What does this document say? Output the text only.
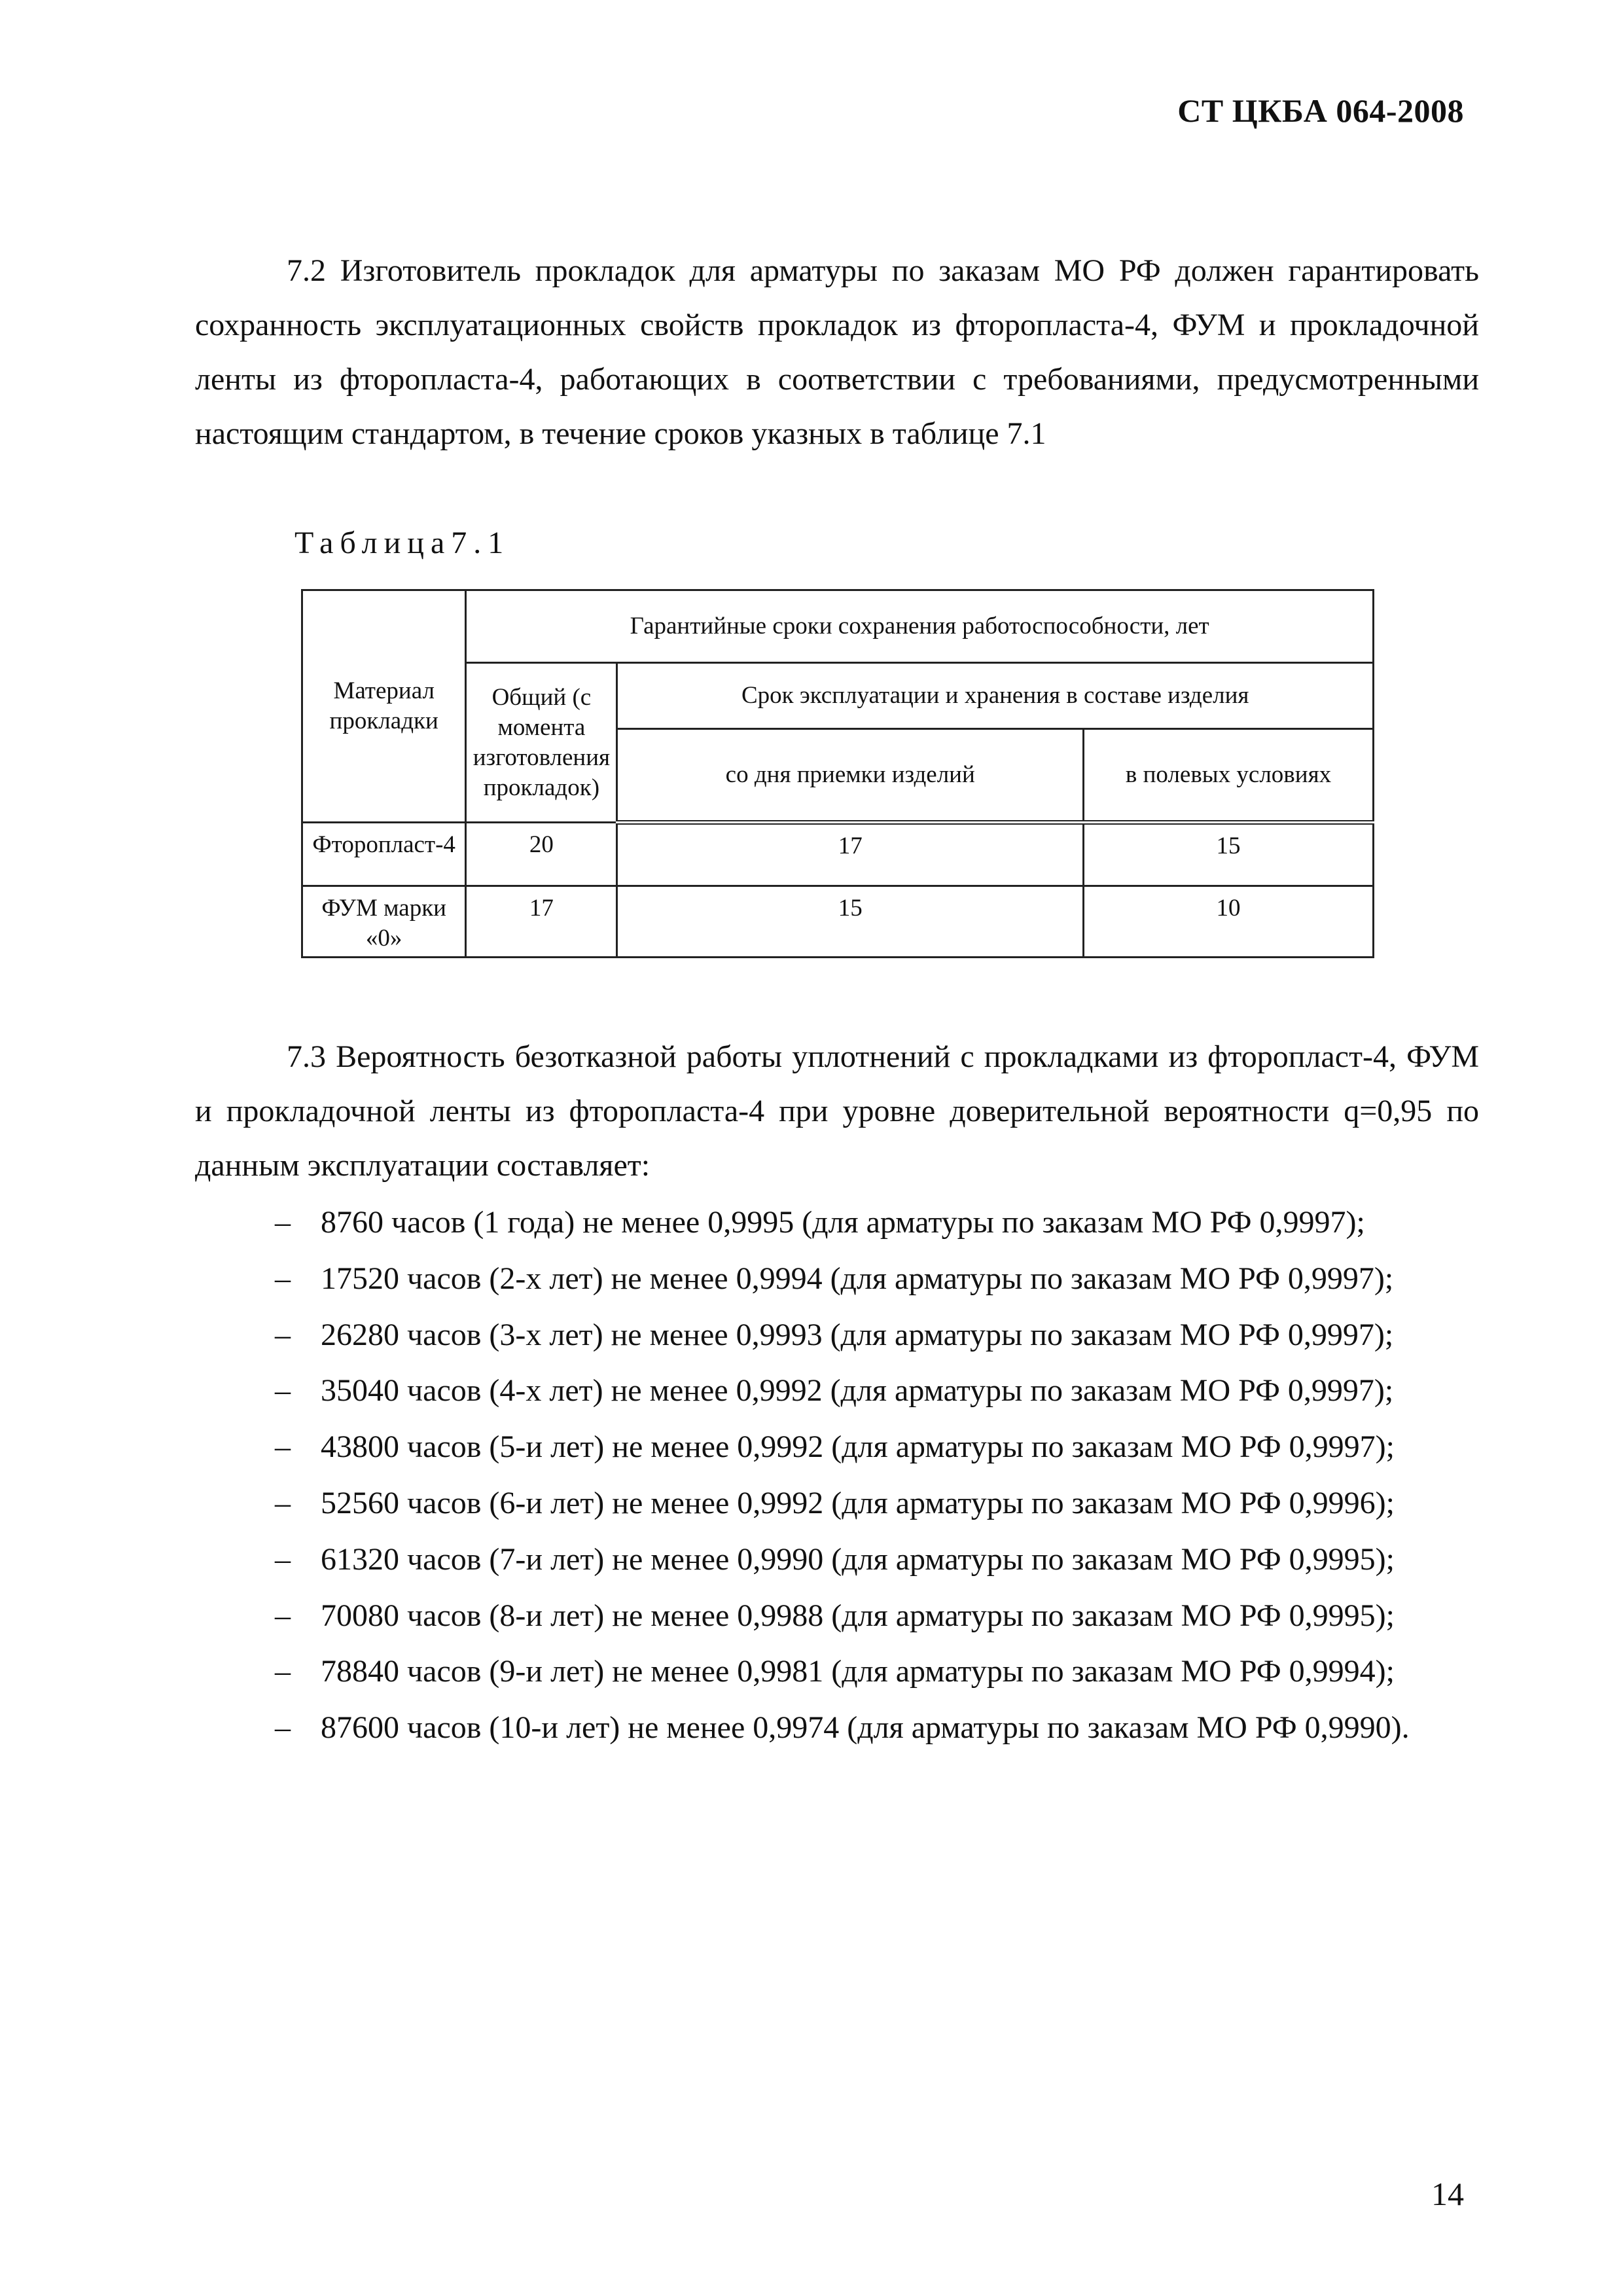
СТ ЦКБА 064-2008

7.2 Изготовитель прокладок для арматуры по заказам МО РФ должен гарантировать сохранность эксплуатационных свойств прокладок из фторопласта-4, ФУМ и прокладочной ленты из фторопласта-4, работающих в соответствии с требованиями, предусмотренными настоящим стандартом, в течение сроков указных в таблице 7.1

Таблица7.1
Материал прокладки	Гарантийные сроки сохранения работоспособности, лет		
	Общий (с момента изготовления прокладок)	Срок эксплуатации и хранения в составе изделия	
		со дня приемки изделий	в полевых условиях
Фторопласт-4	20	17	15
ФУМ марки «0»	17	15	10

7.3 Вероятность безотказной работы уплотнений с прокладками из фторопласт-4, ФУМ и прокладочной ленты из фторопласта-4 при уровне доверительной вероятности q=0,95 по данным эксплуатации составляет:

– 8760 часов (1 года) не менее 0,9995 (для арматуры по заказам МО РФ 0,9997);
– 17520 часов (2-х лет) не менее 0,9994 (для арматуры по заказам МО РФ 0,9997);
– 26280 часов (3-х лет) не менее 0,9993 (для арматуры по заказам МО РФ 0,9997);
– 35040 часов (4-х лет) не менее 0,9992 (для арматуры по заказам МО РФ 0,9997);
– 43800 часов (5-и лет) не менее 0,9992 (для арматуры по заказам МО РФ 0,9997);
– 52560 часов (6-и лет) не менее 0,9992 (для арматуры по заказам МО РФ 0,9996);
– 61320 часов (7-и лет) не менее 0,9990 (для арматуры по заказам МО РФ 0,9995);
– 70080 часов (8-и лет) не менее 0,9988 (для арматуры по заказам МО РФ 0,9995);
– 78840 часов (9-и лет) не менее 0,9981 (для арматуры по заказам МО РФ 0,9994);
– 87600 часов (10-и лет) не менее 0,9974 (для арматуры по заказам МО РФ 0,9990).
14
